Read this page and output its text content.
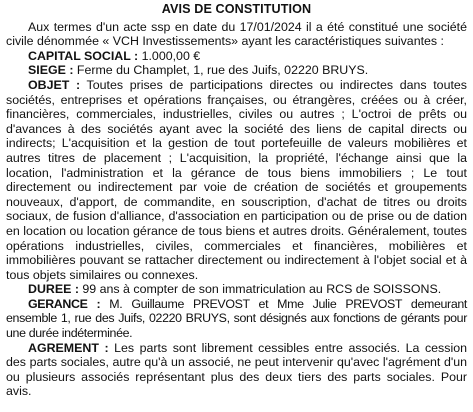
AVIS DE CONSTITUTION

Aux termes d'un acte ssp en date du 17/01/2024 il a été constitué une société civile dénommée « VCH Investissements» ayant les caractéristiques suivantes :

CAPITAL SOCIAL : 1.000,00 €

SIEGE : Ferme du Champlet, 1, rue des Juifs, 02220 BRUYS.

OBJET : Toutes prises de participations directes ou indirectes dans toutes sociétés, entreprises et opérations françaises, ou étrangères, créées ou à créer, financières, commerciales, industrielles, civiles ou autres ; L'octroi de prêts ou d'avances à des sociétés ayant avec la société des liens de capital directs ou indirects; L'acquisition et la gestion de tout portefeuille de valeurs mobilières et autres titres de placement ; L'acquisition, la propriété, l'échange ainsi que la location, l'administration et la gérance de tous biens immobiliers ; Le tout directement ou indirectement par voie de création de sociétés et groupements nouveaux, d'apport, de commandite, en souscription, d'achat de titres ou droits sociaux, de fusion d'alliance, d'association en participation ou de prise ou de dation en location ou location gérance de tous biens et autres droits. Généralement, toutes opérations industrielles, civiles, commerciales et financières, mobilières et immobilières pouvant se rattacher directement ou indirectement à l'objet social et à tous objets similaires ou connexes.

DUREE : 99 ans à compter de son immatriculation au RCS de SOISSONS.

GERANCE : M. Guillaume PREVOST et Mme Julie PREVOST demeurant ensemble 1, rue des Juifs, 02220 BRUYS, sont désignés aux fonctions de gérants pour une durée indéterminée.

AGREMENT : Les parts sont librement cessibles entre associés. La cession des parts sociales, autre qu'à un associé, ne peut intervenir qu'avec l'agrément d'un ou plusieurs associés représentant plus des deux tiers des parts sociales. Pour avis.
